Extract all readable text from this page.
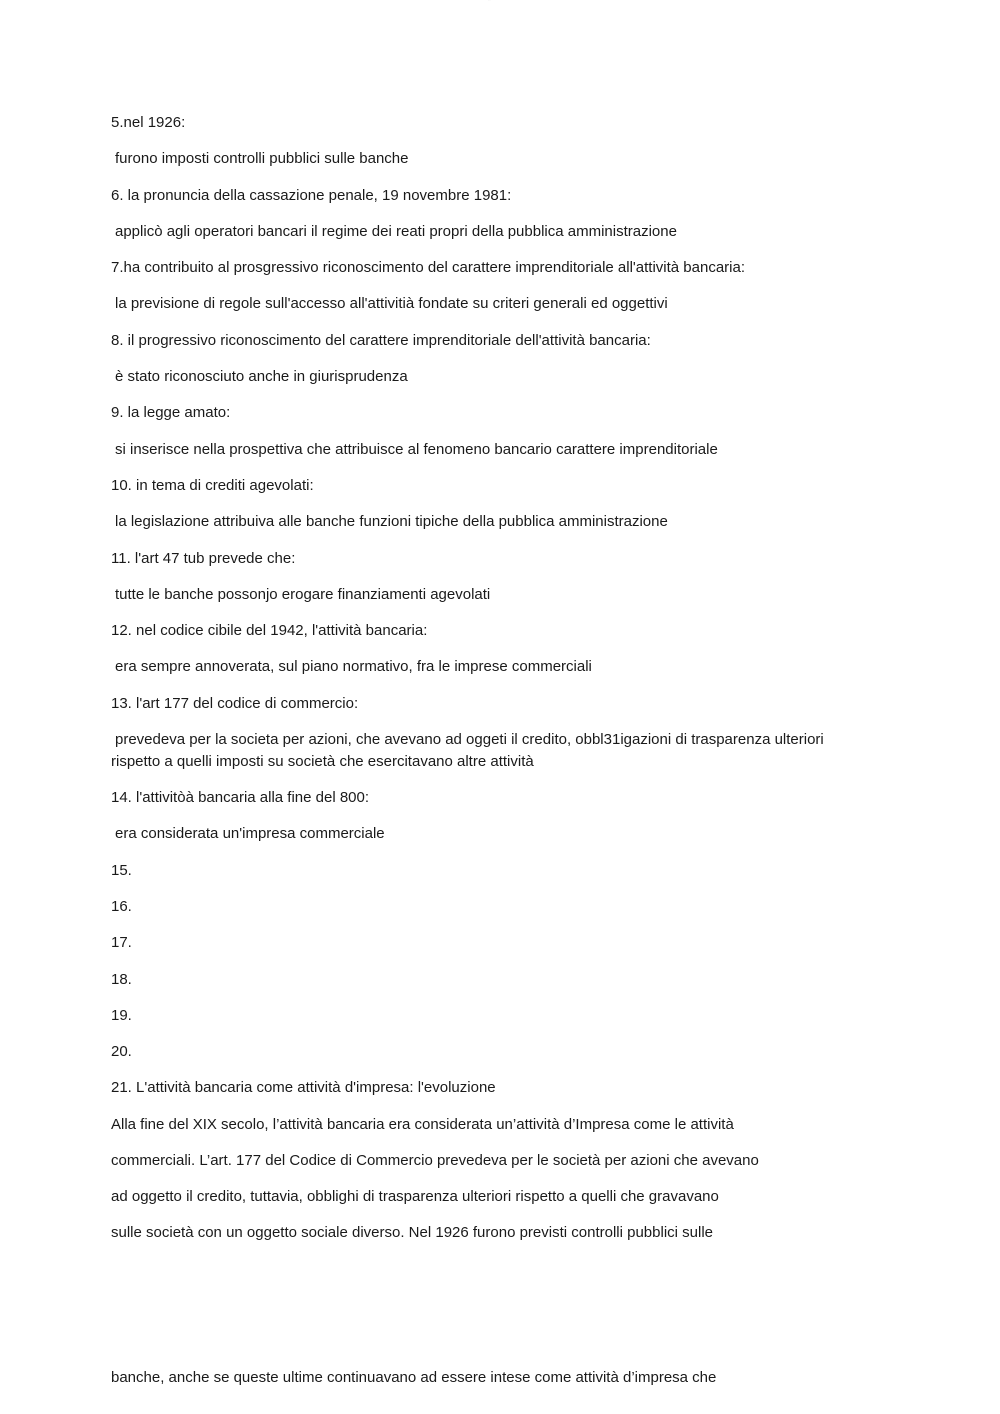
····
5.nel 1926:
furono imposti controlli pubblici sulle banche
6. la pronuncia della cassazione penale, 19 novembre 1981:
applicò agli operatori bancari il regime dei reati propri della pubblica amministrazione
7.ha contribuito al prosgressivo riconoscimento del carattere imprenditoriale all'attività bancaria:
la previsione di regole sull'accesso all'attivitià fondate su criteri generali ed oggettivi
8. il progressivo riconoscimento del carattere imprenditoriale dell'attività bancaria:
è stato riconosciuto anche in giurisprudenza
9. la legge amato:
si inserisce nella prospettiva che attribuisce al fenomeno bancario carattere imprenditoriale
10. in tema di crediti agevolati:
la legislazione attribuiva alle banche funzioni tipiche della pubblica amministrazione
11. l'art 47 tub prevede che:
tutte le banche possonjo erogare finanziamenti agevolati
12. nel codice cibile del 1942, l'attività bancaria:
era sempre annoverata, sul piano normativo, fra le imprese commerciali
13. l'art 177 del codice di commercio:
prevedeva per la societa per azioni, che avevano ad oggeti il credito, obbl31igazioni di trasparenza ulteriori
rispetto a quelli imposti su società che esercitavano altre attività
14. l'attivitòà bancaria alla fine del 800:
era considerata un'impresa commerciale
15.
16.
17.
18.
19.
20.
21. L'attività bancaria come attività d'impresa: l'evoluzione
Alla fine del XIX secolo, l’attività bancaria era considerata un’attività d’Impresa come le attività
commerciali. L’art. 177 del Codice di Commercio prevedeva per le società per azioni che avevano
ad oggetto il credito, tuttavia, obblighi di trasparenza ulteriori rispetto a quelli che gravavano
sulle società con un oggetto sociale diverso. Nel 1926 furono previsti controlli pubblici sulle
banche, anche se queste ultime continuavano ad essere intese come attività d’impresa che
